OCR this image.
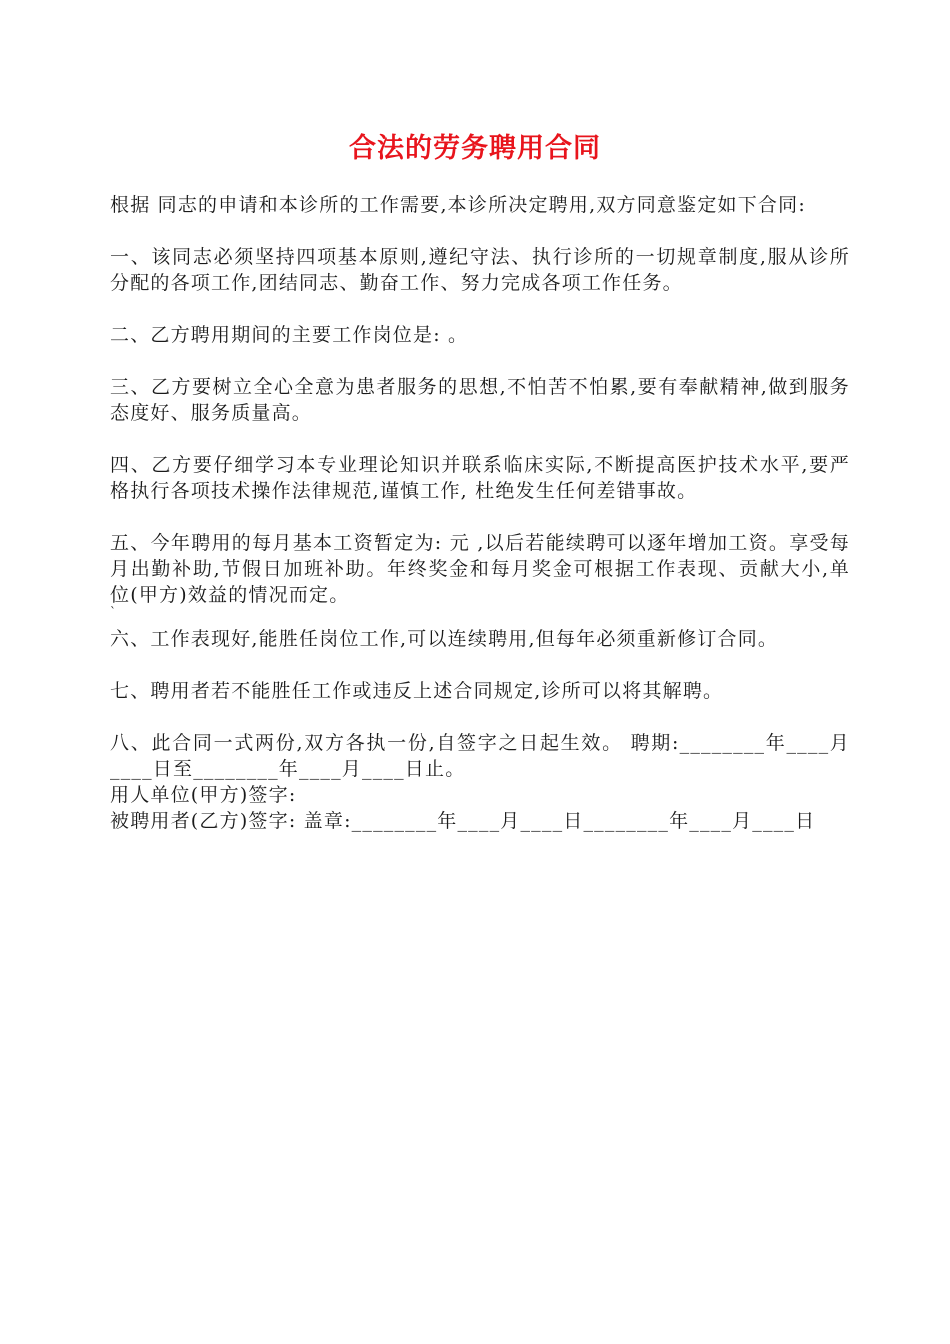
合法的劳务聘用合同

根据 同志的申请和本诊所的工作需要,本诊所决定聘用,双方同意鉴定如下合同:

一、该同志必须坚持四项基本原则,遵纪守法、执行诊所的一切规章制度,服从诊所分配的各项工作,团结同志、勤奋工作、努力完成各项工作任务。

二、乙方聘用期间的主要工作岗位是: 。

三、乙方要树立全心全意为患者服务的思想,不怕苦不怕累,要有奉献精神,做到服务态度好、服务质量高。

四、乙方要仔细学习本专业理论知识并联系临床实际,不断提高医护技术水平,要严格执行各项技术操作法律规范,谨慎工作, 杜绝发生任何差错事故。

五、今年聘用的每月基本工资暂定为: 元 ,以后若能续聘可以逐年增加工资。享受每月出勤补助,节假日加班补助。年终奖金和每月奖金可根据工作表现、贡献大小,单位(甲方)效益的情况而定。

`

六、工作表现好,能胜任岗位工作,可以连续聘用,但每年必须重新修订合同。

七、聘用者若不能胜任工作或违反上述合同规定,诊所可以将其解聘。

八、此合同一式两份,双方各执一份,自签字之日起生效。 聘期:________年____月____日至________年____月____日止。

用人单位(甲方)签字:

被聘用者(乙方)签字: 盖章:________年____月____日________年____月____日
